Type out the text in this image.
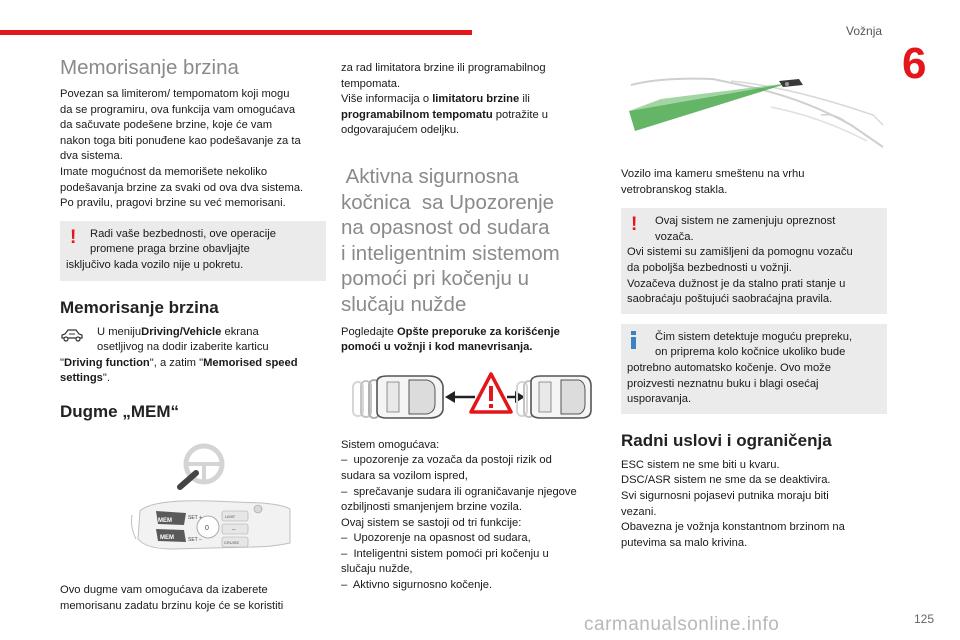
Vožnja
6
Memorisanje brzina
Povezan sa limiterom/ tempomatom koji mogu
da se programiru, ova funkcija vam omogućava
da sačuvate podešene brzine, koje će vam
nakon toga biti ponuđene kao podešavanje za ta
dva sistema.
Imate mogućnost da memorišete nekoliko
podešavanja brzine za svaki od ova dva sistema.
Po pravilu, pragovi brzine su već memorisani.
!	Radi vaše bezbednosti, ove operacije
promene praga brzine obavljajte
isključivo kada vozilo nije u pokretu.
Memorisanje brzina
U menijuDriving/Vehicle ekrana
osetljivog na dodir izaberite karticu
"Driving function", a zatim "Memorised speed
settings".
Dugme „MEM“
MEM
MEM
SET +
SET –
0
LIMIT
CRUISE
–
Ovo dugme vam omogućava da izaberete
memorisanu zadatu brzinu koje će se koristiti
za rad limitatora brzine ili programabilnog
tempomata.
Više informacija o limitatoru brzine ili
programabilnom tempomatu potražite u
odgovarajućem odeljku.
Aktivna sigurnosna
kočnica  sa Upozorenje
na opasnost od sudara
i inteligentnim sistemom
pomoći pri kočenju u
slučaju nužde
Pogledajte Opšte preporuke za korišćenje
pomoći u vožnji i kod manevrisanja.
Sistem omogućava:
–  upozorenje za vozača da postoji rizik od
sudara sa vozilom ispred,
–  sprečavanje sudara ili ograničavanje njegove
ozbiljnosti smanjenjem brzine vozila.
Ovaj sistem se sastoji od tri funkcije:
–  Upozorenje na opasnost od sudara,
–  Inteligentni sistem pomoći pri kočenju u
slučaju nužde,
–  Aktivno sigurnosno kočenje.
Vozilo ima kameru smeštenu na vrhu
vetrobranskog stakla.
!	Ovaj sistem ne zamenjuju opreznost
vozača.
Ovi sistemi su zamišljeni da pomognu vozaču
da poboljša bezbednosti u vožnji.
Vozačeva dužnost je da stalno prati stanje u
saobraćaju poštujući saobraćajna pravila.
Čim sistem detektuje moguću prepreku,
on priprema kolo kočnice ukoliko bude
potrebno automatsko kočenje. Ovo može
proizvesti neznatnu buku i blagi osećaj
usporavanja.
Radni uslovi i ograničenja
ESC sistem ne sme biti u kvaru.
DSC/ASR sistem ne sme da se deaktivira.
Svi sigurnosni pojasevi putnika moraju biti
vezani.
Obavezna je vožnja konstantnom brzinom na
putevima sa malo krivina.
carmanualsonline.info	125
